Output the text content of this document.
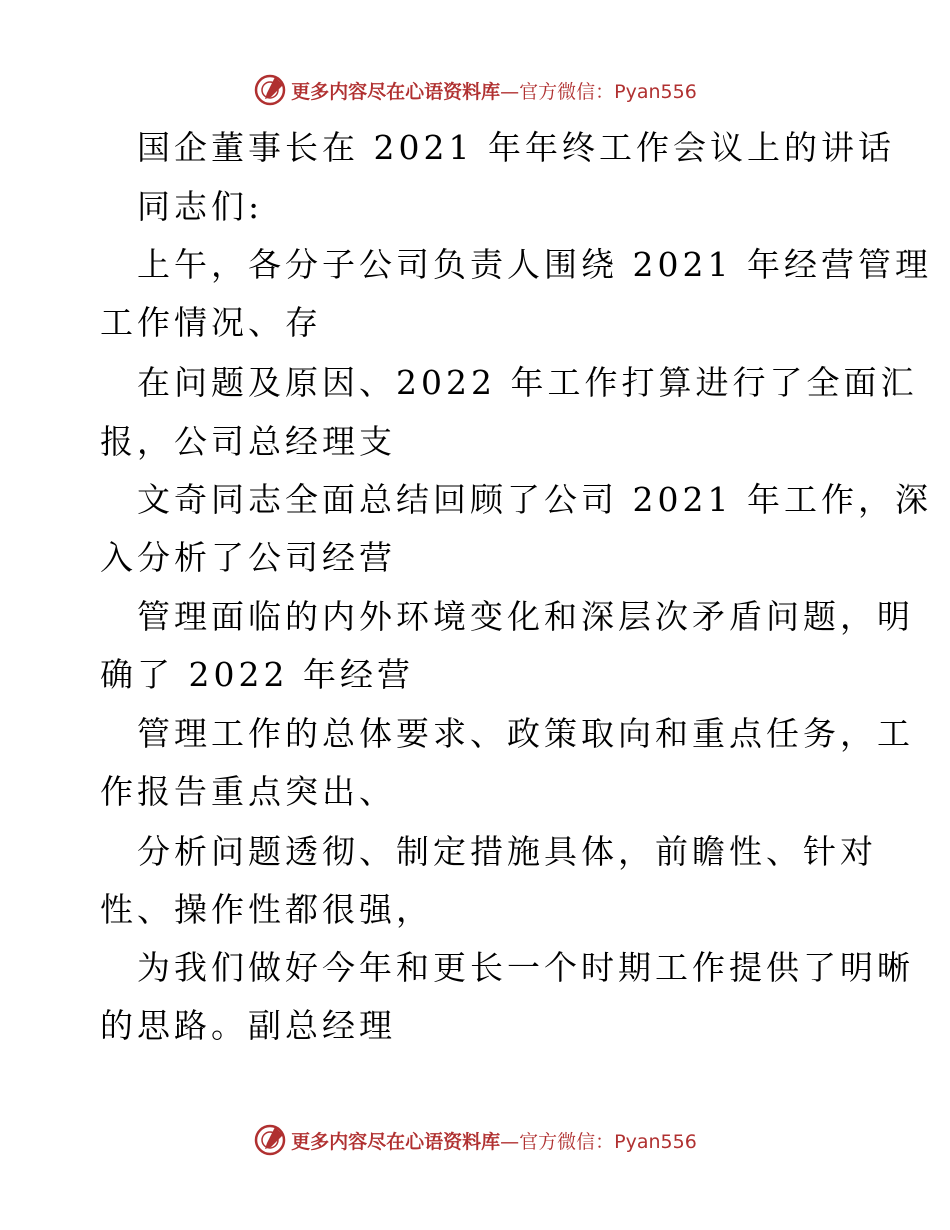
更多内容尽在心语资料库—官方微信：Pyan556
国企董事长在 2021 年年终工作会议上的讲话
同志们:
上午，各分子公司负责人围绕 2021 年经营管理
工作情况、存
在问题及原因、2022 年工作打算进行了全面汇
报，公司总经理支
文奇同志全面总结回顾了公司 2021 年工作，深
入分析了公司经营
管理面临的内外环境变化和深层次矛盾问题，明
确了 2022 年经营
管理工作的总体要求、政策取向和重点任务，工
作报告重点突出、
分析问题透彻、制定措施具体，前瞻性、针对
性、操作性都很强，
为我们做好今年和更长一个时期工作提供了明晰
的思路。副总经理
更多内容尽在心语资料库—官方微信：Pyan556
